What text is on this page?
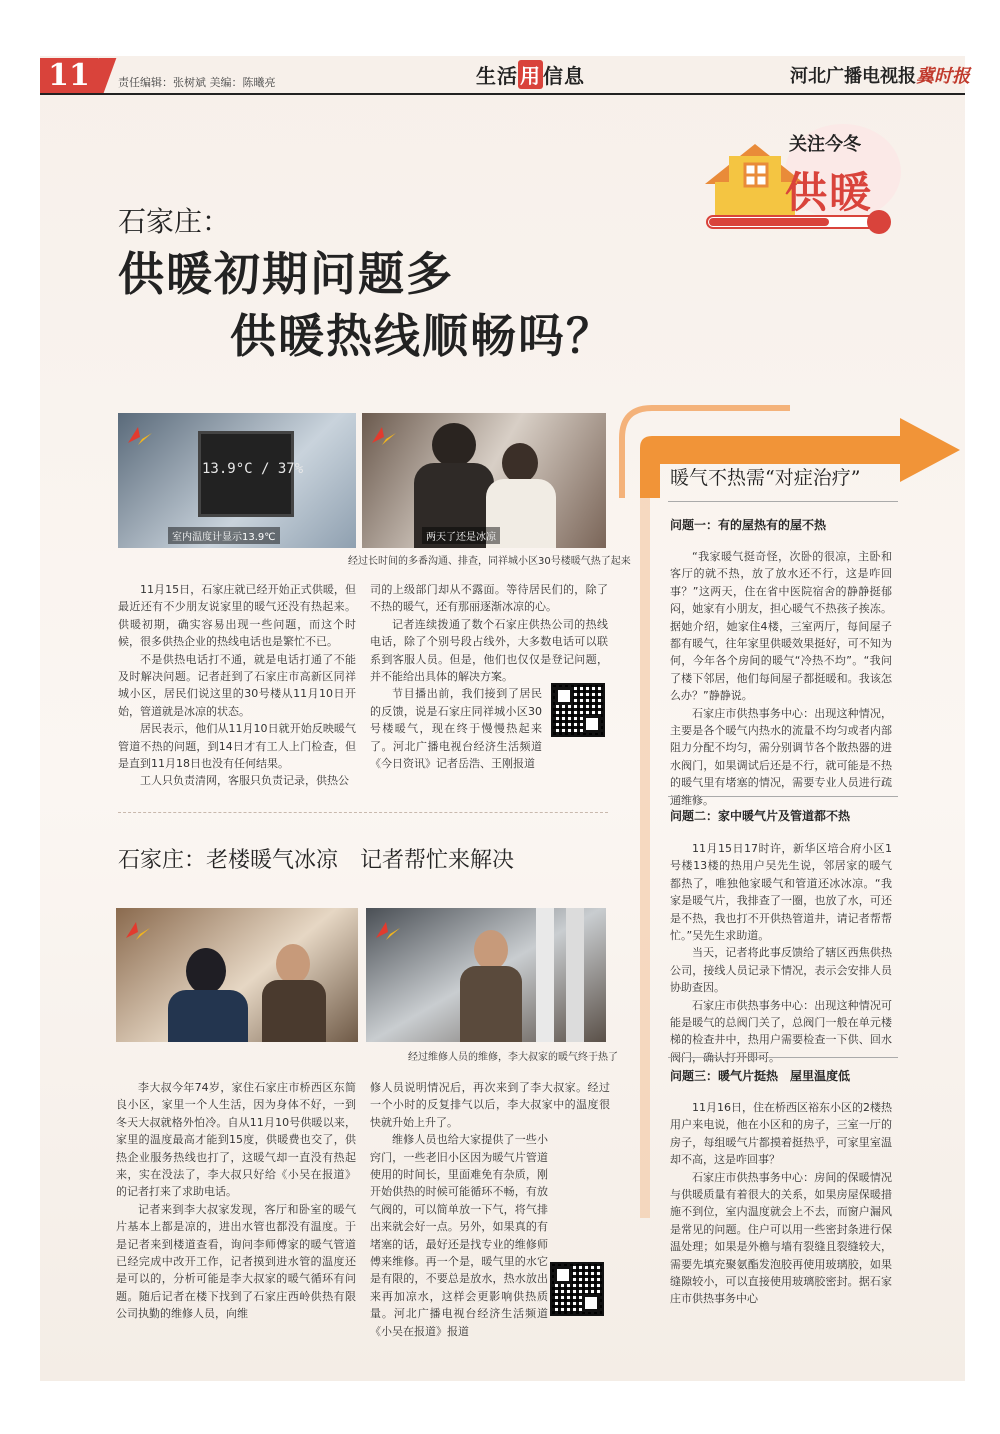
11	责任编辑：张树斌 美编：陈曦亮	生活 用 信息	河北广播电视报冀时报
关注今冬
供暖
石家庄：
供暖初期问题多
供暖热线顺畅吗？
13.9°C / 37%
室内温度计显示13.9℃	两天了还是冰凉
经过长时间的多番沟通、排查，同祥城小区30号楼暖气热了起来

11月15日，石家庄就已经开始正式供暖，但最近还有不少朋友说家里的暖气还没有热起来。供暖初期，确实容易出现一些问题，而这个时候，很多供热企业的热线电话也是繁忙不已。

不是供热电话打不通，就是电话打通了不能及时解决问题。记者赶到了石家庄市高新区同祥城小区，居民们说这里的30号楼从11月10日开始，管道就是冰凉的状态。

居民表示，他们从11月10日就开始反映暖气管道不热的问题，到14日才有工人上门检查，但是直到11月18日也没有任何结果。

工人只负责清网，客服只负责记录，供热公

司的上级部门却从不露面。等待居民们的，除了不热的暖气，还有那丽逐渐冰凉的心。

记者连续拨通了数个石家庄供热公司的热线电话，除了个别号段占线外，大多数电话可以联系到客服人员。但是，他们也仅仅是登记问题，并不能给出具体的解决方案。

节目播出前，我们接到了居民的反馈，说是石家庄同祥城小区30号楼暖气，现在终于慢慢热起来了。河北广播电视台经济生活频道《今日资讯》记者岳浩、王刚报道

石家庄：老楼暖气冰凉　记者帮忙来解决
经过维修人员的维修，李大叔家的暖气终于热了

李大叔今年74岁，家住石家庄市桥西区东简良小区，家里一个人生活，因为身体不好，一到冬天大叔就格外怕冷。自从11月10号供暖以来，家里的温度最高才能到15度，供暖费也交了，供热企业服务热线也打了，这暖气却一直没有热起来，实在没法了，李大叔只好给《小吴在报道》的记者打来了求助电话。

记者来到李大叔家发现，客厅和卧室的暖气片基本上都是凉的，进出水管也都没有温度。于是记者来到楼道查看，询问李师傅家的暖气管道已经完成中改开工作，记者摸到进水管的温度还是可以的，分析可能是李大叔家的暖气循环有问题。随后记者在楼下找到了石家庄西岭供热有限公司执勤的维修人员，向维

修人员说明情况后，再次来到了李大叔家。经过一个小时的反复排气以后，李大叔家中的温度很快就升始上升了。

维修人员也给大家提供了一些小窍门，一些老旧小区因为暖气片管道使用的时间长，里面难免有杂质，刚开始供热的时候可能循环不畅，有放气阀的，可以简单放一下气，将气排出来就会好一点。另外，如果真的有堵塞的话，最好还是找专业的维修师傅来维修。再一个是，暖气里的水它是有限的，不要总是放水，热水放出来再加凉水，这样会更影响供热质量。河北广播电视台经济生活频道《小吴在报道》报道

暖气不热需“对症治疗”
问题一：有的屋热有的屋不热

“我家暖气挺奇怪，次卧的很凉，主卧和客厅的就不热，放了放水还不行，这是咋回事？”这两天，住在省中医院宿舍的静静挺郁闷，她家有小朋友，担心暖气不热孩子挨冻。据她介绍，她家住4楼，三室两厅，每间屋子都有暖气，往年家里供暖效果挺好，可不知为何，今年各个房间的暖气“冷热不均”。“我问了楼下邻居，他们每间屋子都挺暖和。我该怎么办？”静静说。

石家庄市供热事务中心：出现这种情况，主要是各个暖气内热水的流量不均匀或者内部阻力分配不均匀，需分别调节各个散热器的进水阀门，如果调试后还是不行，就可能是不热的暖气里有堵塞的情况，需要专业人员进行疏通维修。

问题二：家中暖气片及管道都不热

11月15日17时许，新华区培合府小区1号楼13楼的热用户吴先生说，邻居家的暖气都热了，唯独他家暖气和管道还冰冰凉。“我家是暖气片，我排查了一圈，也放了水，可还是不热，我也打不开供热管道井，请记者帮帮忙。”吴先生求助道。

当天，记者将此事反馈给了辖区西焦供热公司，接线人员记录下情况，表示会安排人员协助查因。

石家庄市供热事务中心：出现这种情况可能是暖气的总阀门关了，总阀门一般在单元楼梯的检查井中，热用户需要检查一下供、回水阀门，确认打开即可。

问题三：暖气片挺热　屋里温度低

11月16日，住在桥西区裕东小区的2楼热用户来电说，他在小区和的房子，三室一厅的房子，每组暖气片都摸着挺热乎，可家里室温却不高，这是咋回事？

石家庄市供热事务中心：房间的保暖情况与供暖质量有着很大的关系，如果房屋保暖措施不到位，室内温度就会上不去，而窗户漏风是常见的问题。住户可以用一些密封条进行保温处理；如果是外檐与墙有裂缝且裂缝较大，需要先填充聚氨酯发泡胶再使用玻璃胶，如果缝隙较小，可以直接使用玻璃胶密封。据石家庄市供热事务中心
